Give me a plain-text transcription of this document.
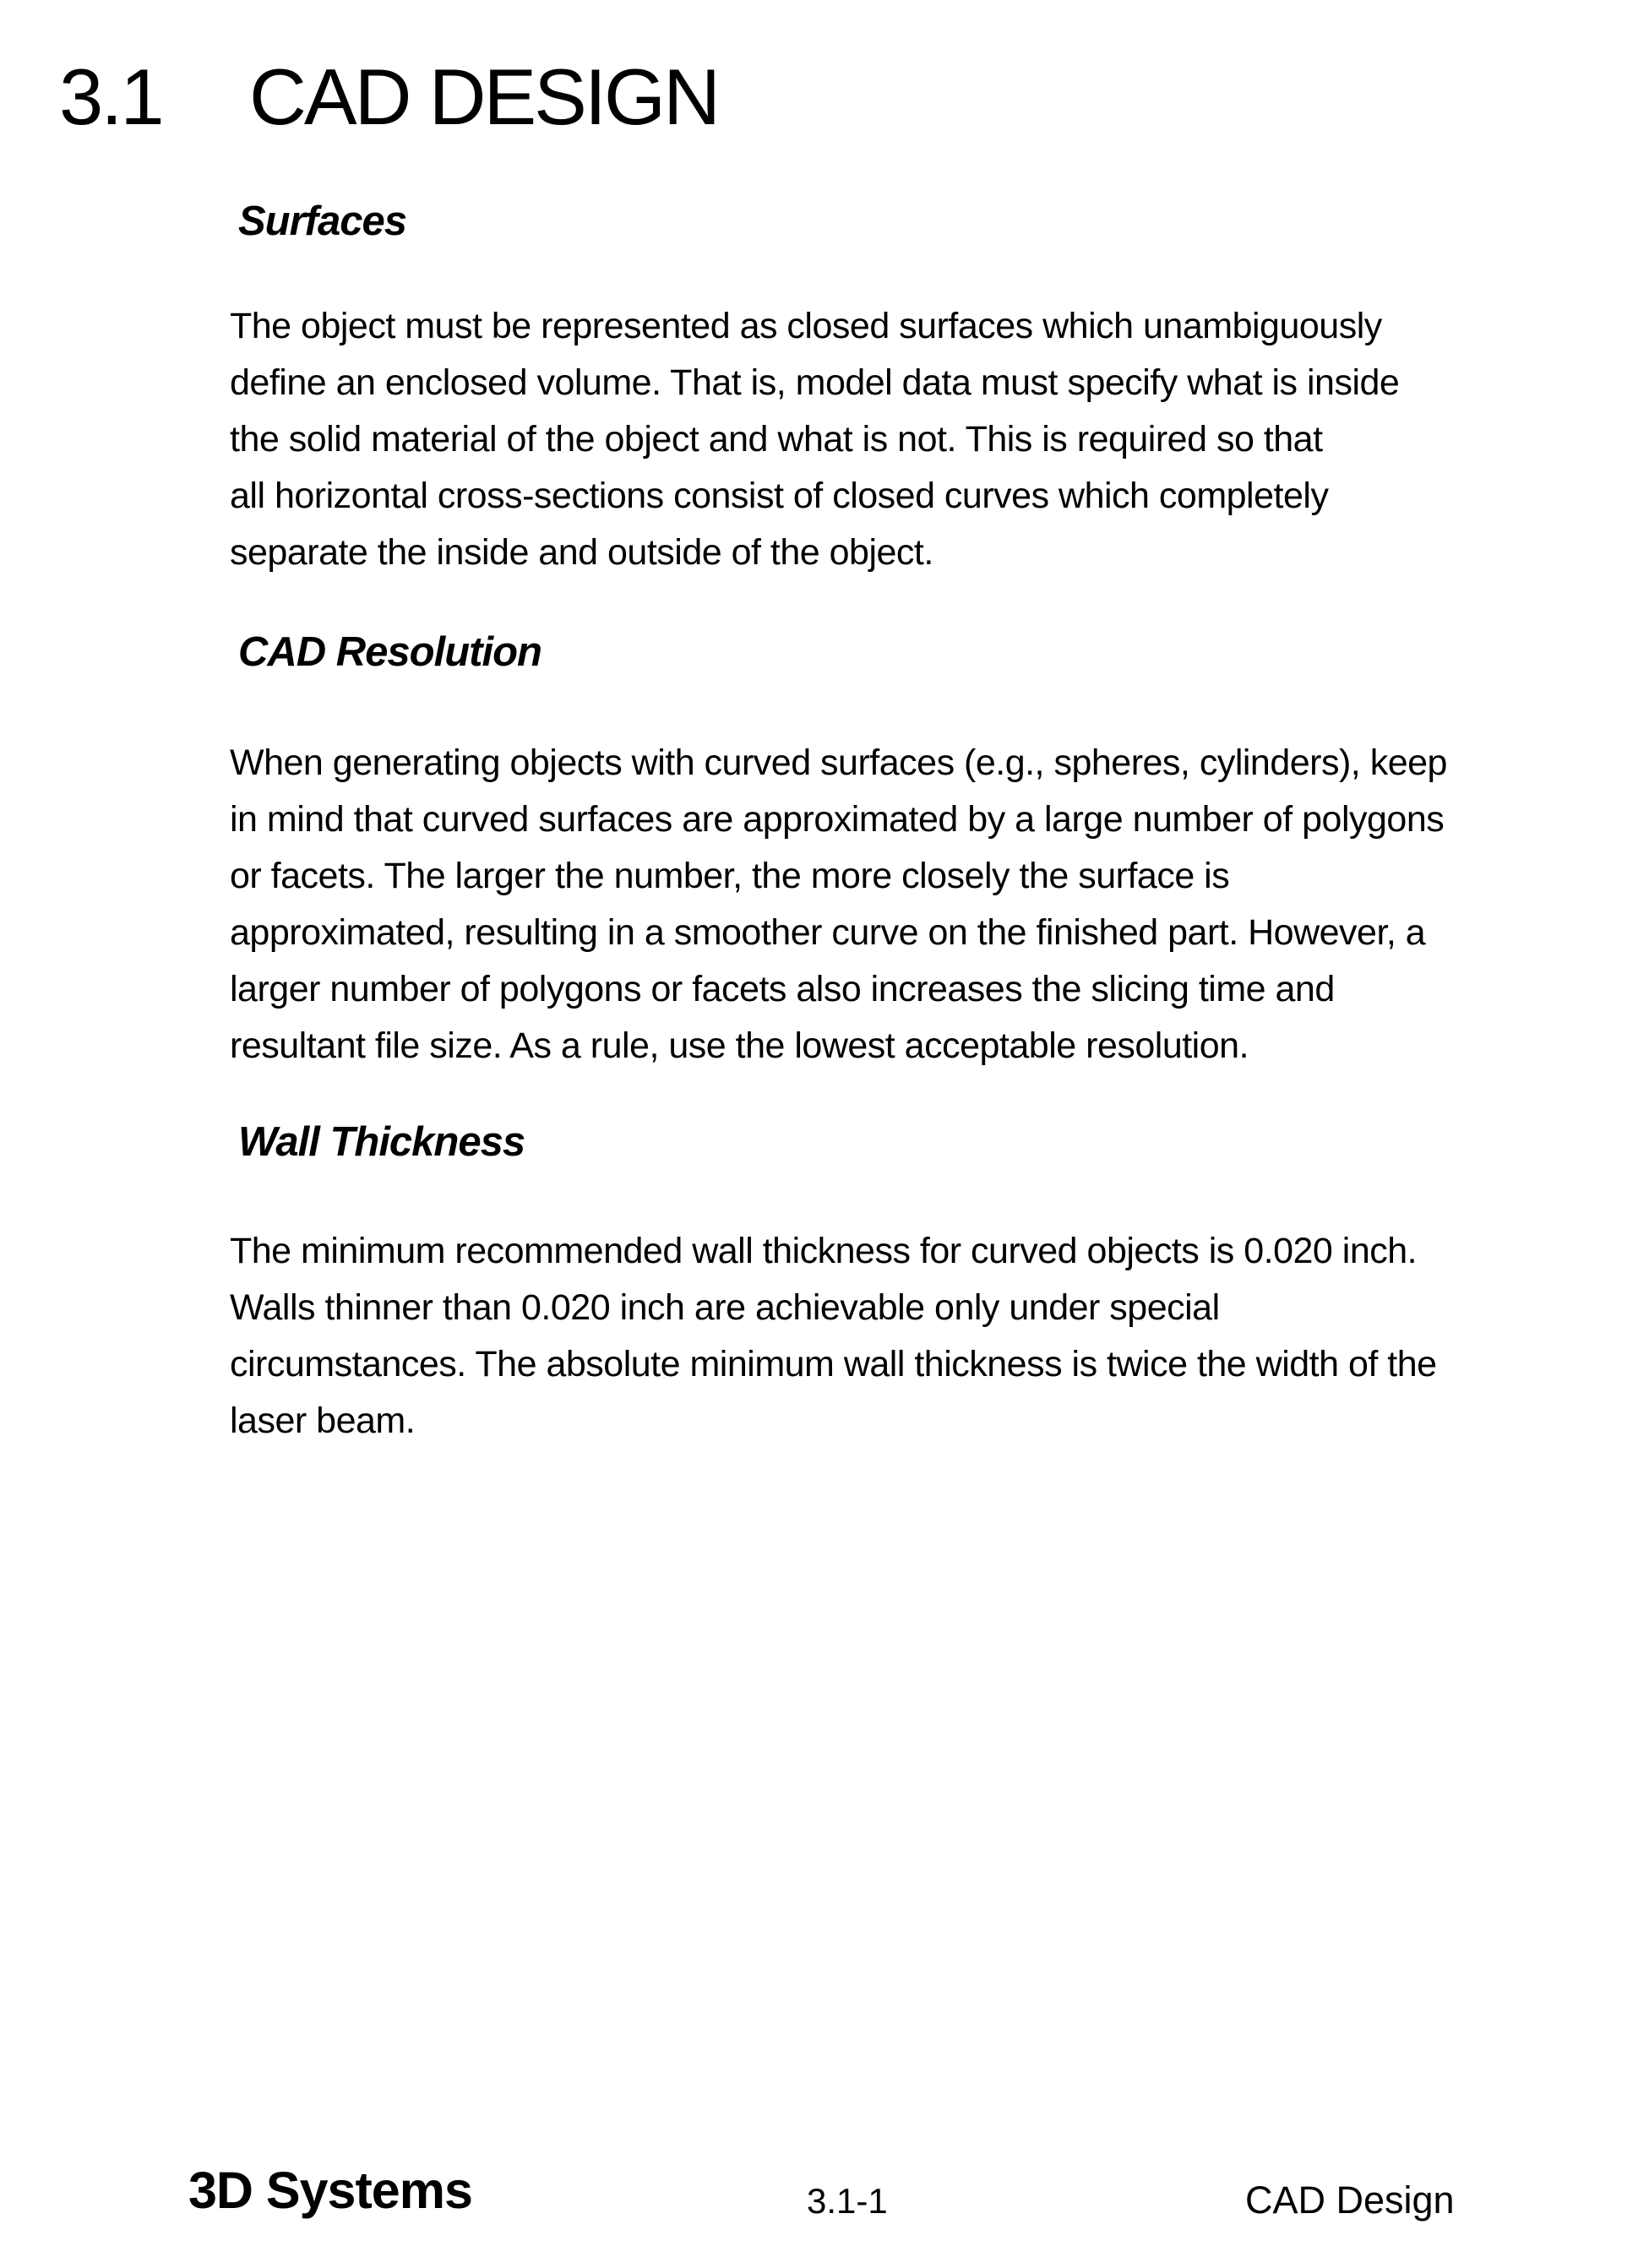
3.1	CAD DESIGN
Surfaces
The object must be represented as closed surfaces which unambiguously
define an enclosed volume. That is, model data must specify what is inside
the solid material of the object and what is not. This is required so that
all horizontal cross-sections consist of closed curves which completely
separate the inside and outside of the object.
CAD Resolution
When generating objects with curved surfaces (e.g., spheres, cylinders), keep
in mind that curved surfaces are approximated by a large number of polygons
or facets. The larger the number, the more closely the surface is
approximated, resulting in a smoother curve on the finished part. However, a
larger number of polygons or facets also increases the slicing time and
resultant file size. As a rule, use the lowest acceptable resolution.
Wall Thickness
The minimum recommended wall thickness for curved objects is 0.020 inch.
Walls thinner than 0.020 inch are achievable only under special
circumstances. The absolute minimum wall thickness is twice the width of the
laser beam.
3D Systems	3.1-1	CAD Design
